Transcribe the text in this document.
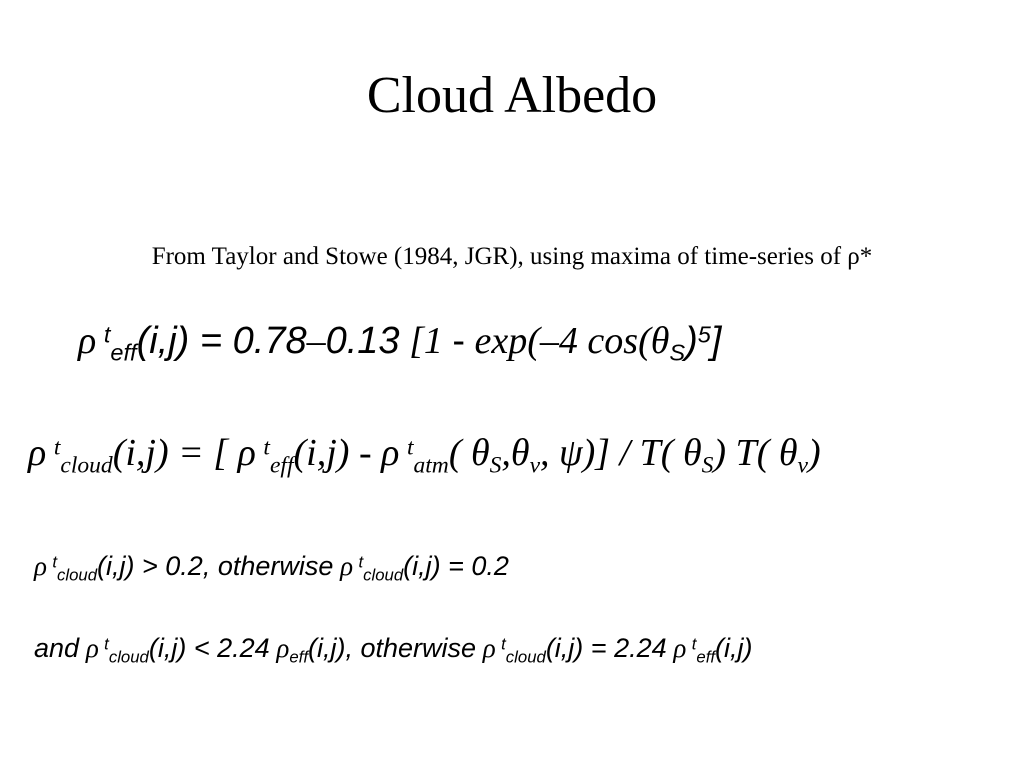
Cloud Albedo
From Taylor and Stowe (1984, JGR), using maxima of time-series of ρ*
ρ $^t_{eff}$(i,j) = 0.78–0.13 [1 - exp(–4 $\cos(\theta_S)^5$]
ρ $^t_{cloud}$(i,j) = [ ρ $^t_{eff}$(i,j) - ρ $^t_{atm}$( $\theta_S,\theta_v$, ψ)] / T( $\theta_S$) T( $\theta_v$)
ρ $^t_{cloud}$(i,j) > 0.2, otherwise ρ $^t_{cloud}$(i,j) = 0.2
and ρ $^t_{cloud}$(i,j) < 2.24 $\rho_{eff}(i,j)$, otherwise ρ $^t_{cloud}$(i,j) = 2.24 ρ $^t_{eff}$(i,j)
